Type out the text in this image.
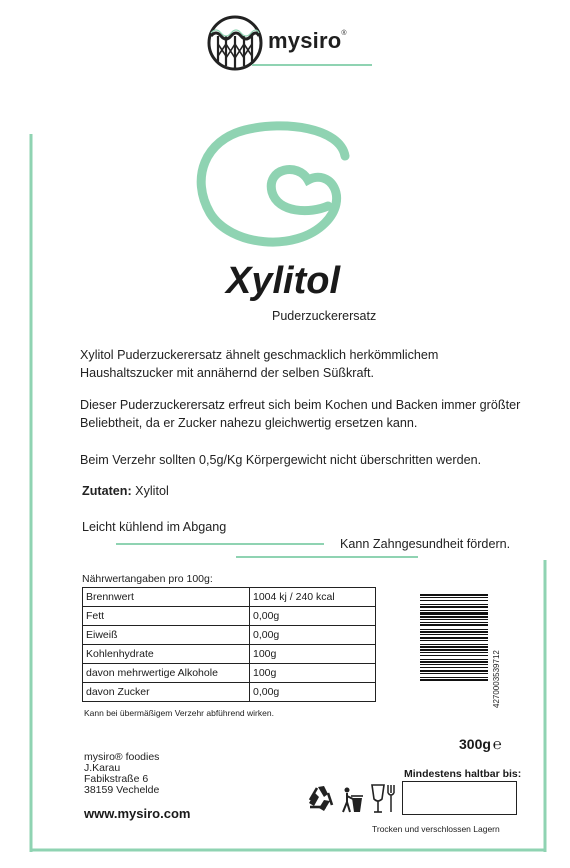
mysiro®
Xylitol
Puderzuckerersatz
Xylitol Puderzuckerersatz ähnelt geschmacklich herkömmlichem Haushaltszucker mit annähernd der selben Süßkraft.
Dieser Puderzuckerersatz erfreut sich beim Kochen und Backen immer größter Beliebtheit, da er Zucker nahezu gleichwertig ersetzen kann.
Beim Verzehr sollten 0,5g/Kg Körpergewicht nicht überschritten werden.
Zutaten: Xylitol
Leicht kühlend im Abgang
Kann Zahngesundheit fördern.
Nährwertangaben pro 100g:
Brennwert	1004 kj / 240 kcal
Fett	0,00g
Eiweiß	0,00g
Kohlenhydrate	100g
davon mehrwertige Alkohole	100g
davon Zucker	0,00g
Kann bei übermäßigem Verzehr abführend wirken.
4270003539712
300g ℮
mysiro® foodies
J.Karau
Fabikstraße 6
38159 Vechelde
www.mysiro.com
Mindestens haltbar bis:
Trocken und verschlossen Lagern
